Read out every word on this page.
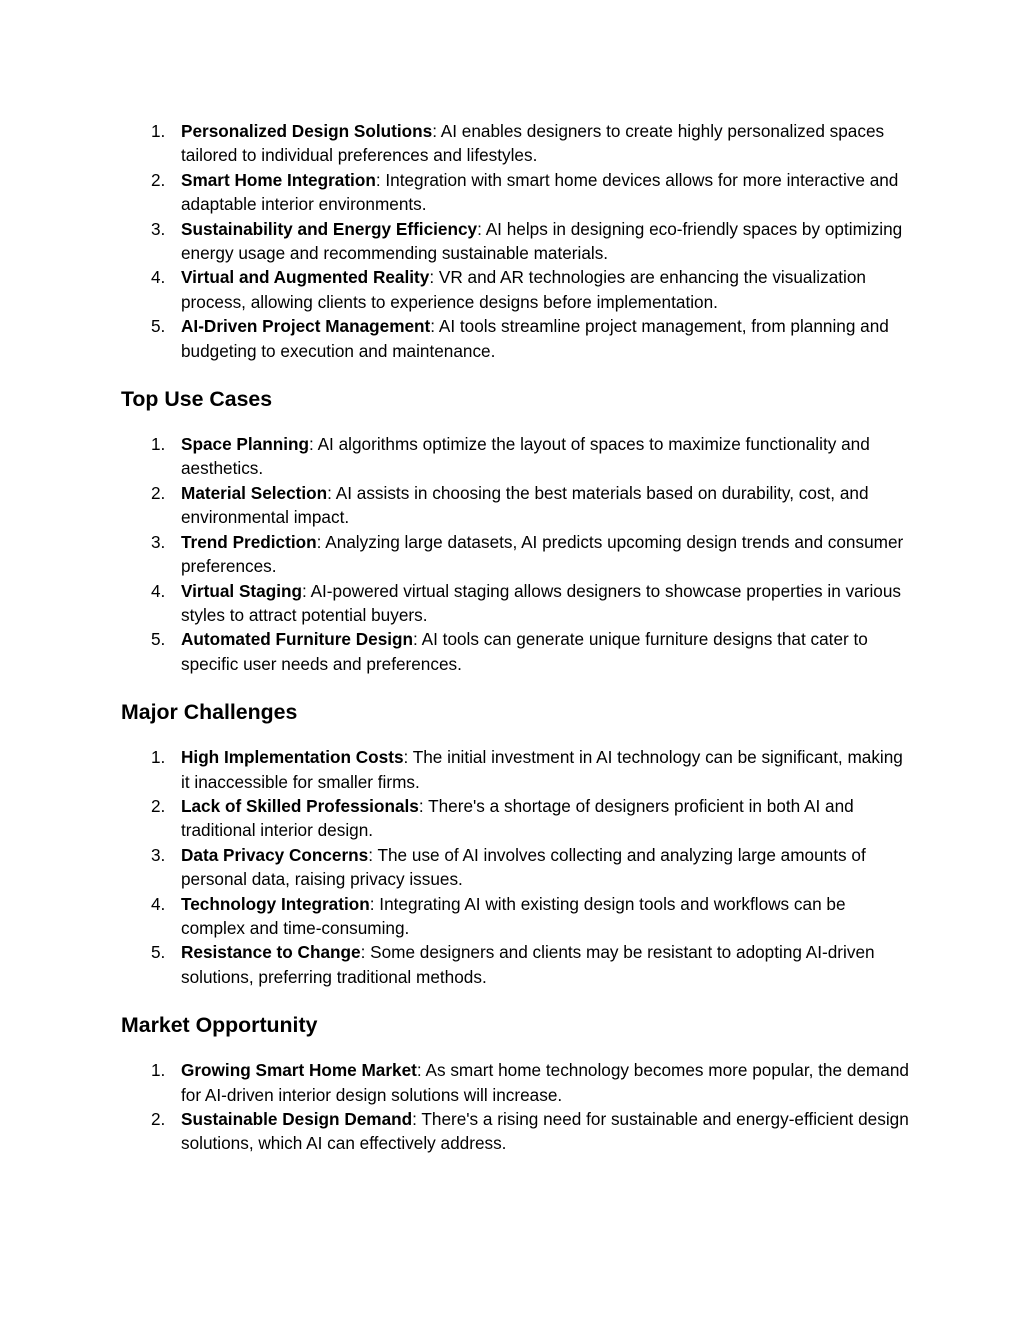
1. Personalized Design Solutions: AI enables designers to create highly personalized spaces tailored to individual preferences and lifestyles.
2. Smart Home Integration: Integration with smart home devices allows for more interactive and adaptable interior environments.
3. Sustainability and Energy Efficiency: AI helps in designing eco-friendly spaces by optimizing energy usage and recommending sustainable materials.
4. Virtual and Augmented Reality: VR and AR technologies are enhancing the visualization process, allowing clients to experience designs before implementation.
5. AI-Driven Project Management: AI tools streamline project management, from planning and budgeting to execution and maintenance.
Top Use Cases
1. Space Planning: AI algorithms optimize the layout of spaces to maximize functionality and aesthetics.
2. Material Selection: AI assists in choosing the best materials based on durability, cost, and environmental impact.
3. Trend Prediction: Analyzing large datasets, AI predicts upcoming design trends and consumer preferences.
4. Virtual Staging: AI-powered virtual staging allows designers to showcase properties in various styles to attract potential buyers.
5. Automated Furniture Design: AI tools can generate unique furniture designs that cater to specific user needs and preferences.
Major Challenges
1. High Implementation Costs: The initial investment in AI technology can be significant, making it inaccessible for smaller firms.
2. Lack of Skilled Professionals: There's a shortage of designers proficient in both AI and traditional interior design.
3. Data Privacy Concerns: The use of AI involves collecting and analyzing large amounts of personal data, raising privacy issues.
4. Technology Integration: Integrating AI with existing design tools and workflows can be complex and time-consuming.
5. Resistance to Change: Some designers and clients may be resistant to adopting AI-driven solutions, preferring traditional methods.
Market Opportunity
1. Growing Smart Home Market: As smart home technology becomes more popular, the demand for AI-driven interior design solutions will increase.
2. Sustainable Design Demand: There's a rising need for sustainable and energy-efficient design solutions, which AI can effectively address.
